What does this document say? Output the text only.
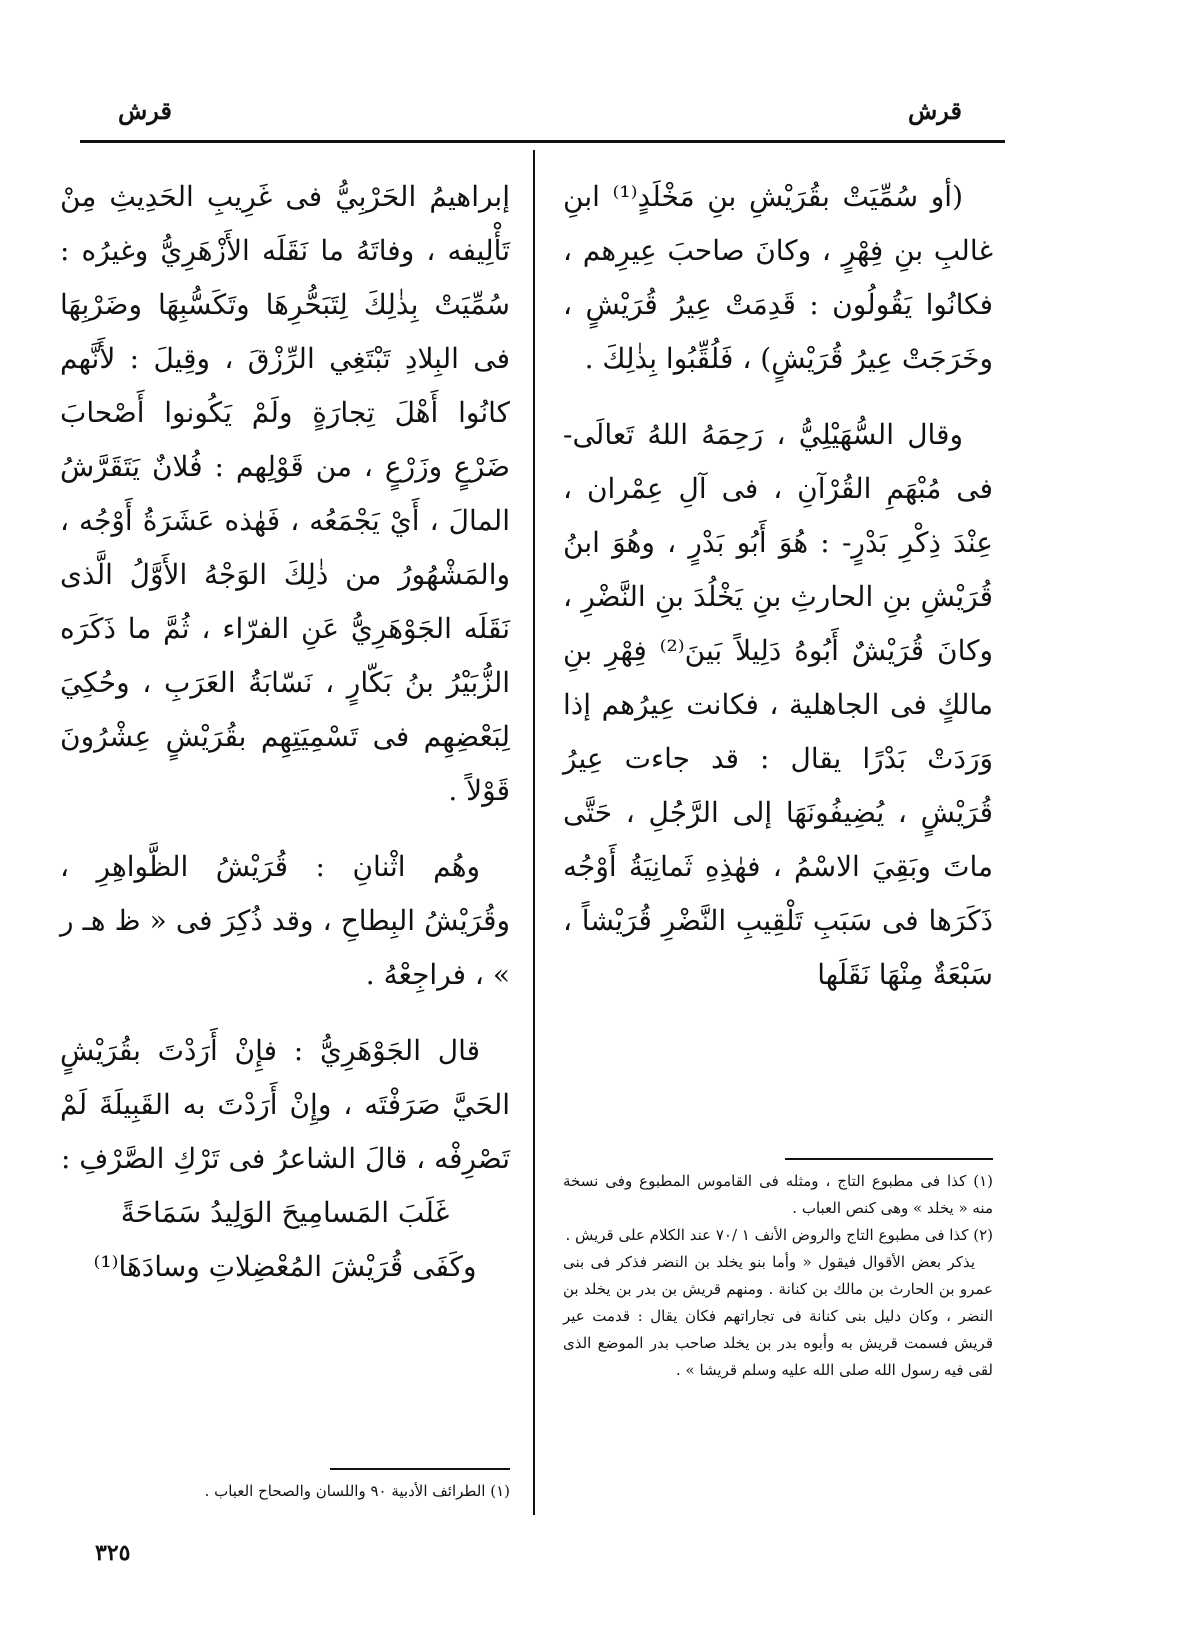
قرش
قرش

(أو سُمِّيَتْ بقُرَيْشِ بنِ مَخْلَدٍ⁽¹⁾ ابنِ غالبِ بنِ فِهْرٍ ، وكانَ صاحبَ عِيرِهم ، فكانُوا يَقُولُون : قَدِمَتْ عِيرُ قُرَيْشٍ ، وخَرَجَتْ عِيرُ قُرَيْشٍ) ، فَلُقِّبُوا بِذٰلِكَ .

وقال السُّهَيْلِيُّ ، رَحِمَهُ اللهُ تَعالَى- فى مُبْهَمِ القُرْآنِ ، فى آلِ عِمْران ، عِنْدَ ذِكْرِ بَدْرٍ- : هُوَ أَبُو بَدْرٍ ، وهُوَ ابنُ قُرَيْشِ بنِ الحارثِ بنِ يَخْلُدَ بنِ النَّضْرِ ، وكانَ قُرَيْشٌ أَبُوهُ دَلِيلاً بَينَ⁽²⁾ فِهْرِ بنِ مالكٍ فى الجاهلية ، فكانت عِيرُهم إذا وَرَدَتْ بَدْرًا يقال : قد جاءت عِيرُ قُرَيْشٍ ، يُضِيفُونَهَا إلى الرَّجُلِ ، حَتَّى ماتَ وبَقِيَ الاسْمُ ، فهٰذِهِ ثَمانِيَةُ أَوْجُه ذَكَرَها فى سَبَبِ تَلْقِيبِ النَّضْرِ قُرَيْشاً ، سَبْعَةٌ مِنْهَا نَقَلَها

(١) كذا فى مطبوع التاج ، ومثله فى القاموس المطبوع وفى نسخة منه « يخلد » وهى كنص العباب .

(٢) كذا فى مطبوع التاج والروض الأنف ١ /٧٠ عند الكلام على قريش .

يذكر بعض الأقوال فيقول « وأما بنو يخلد بن النضر فذكر فى بنى عمرو بن الحارث بن مالك بن كنانة . ومنهم قريش بن بدر بن يخلد بن النضر ، وكان دليل بنى كنانة فى تجاراتهم فكان يقال : قدمت عير قريش فسمت قريش به وأبوه بدر بن يخلد صاحب بدر الموضع الذى لقى فيه رسول الله صلى الله عليه وسلم قريشا » .

إبراهيمُ الحَرْبِيُّ فى غَرِيبِ الحَدِيثِ مِنْ تَأْلِيفه ، وفاتَهُ ما نَقَلَه الأَزْهَرِيُّ وغيرُه : سُمِّيَتْ بِذٰلِكَ لِتَبَحُّرِهَا وتَكَسُّبِهَا وضَرْبِهَا فى البِلادِ تَبْتَغِي الرِّزْقَ ، وقِيلَ : لأَنَّهم كانُوا أَهْلَ تِجارَةٍ ولَمْ يَكُونوا أَصْحابَ ضَرْعٍ وزَرْعٍ ، من قَوْلِهم : فُلانٌ يَتَقَرَّشُ المالَ ، أَيْ يَجْمَعُه ، فَهٰذه عَشَرَةُ أَوْجُه ، والمَشْهُورُ من ذٰلِكَ الوَجْهُ الأَوَّلُ الَّذى نَقَلَه الجَوْهَرِيُّ عَنِ الفرّاء ، ثُمَّ ما ذَكَرَه الزُّبَيْرُ بنُ بَكّارٍ ، نَسّابَةُ العَرَبِ ، وحُكِيَ لِبَعْضِهِم فى تَسْمِيَتِهِم بقُرَيْشٍ عِشْرُونَ قَوْلاً .

وهُم اثْنانِ : قُرَيْشُ الظَّواهِرِ ، وقُرَيْشُ البِطاحِ ، وقد ذُكِرَ فى « ظ هـ ر » ، فراجِعْهُ .

قال الجَوْهَرِيُّ : فإِنْ أَرَدْتَ بقُرَيْشٍ الحَيَّ صَرَفْتَه ، وإِنْ أَرَدْتَ به القَبِيلَةَ لَمْ تَصْرِفْه ، قالَ الشاعرُ فى تَرْكِ الصَّرْفِ :

غَلَبَ المَسامِيحَ الوَلِيدُ سَمَاحَةً

وكَفَى قُرَيْشَ المُعْضِلاتِ وسادَهَا⁽¹⁾

(١) الطرائف الأدبية ٩٠ واللسان والصحاح العباب .

٣٢٥
